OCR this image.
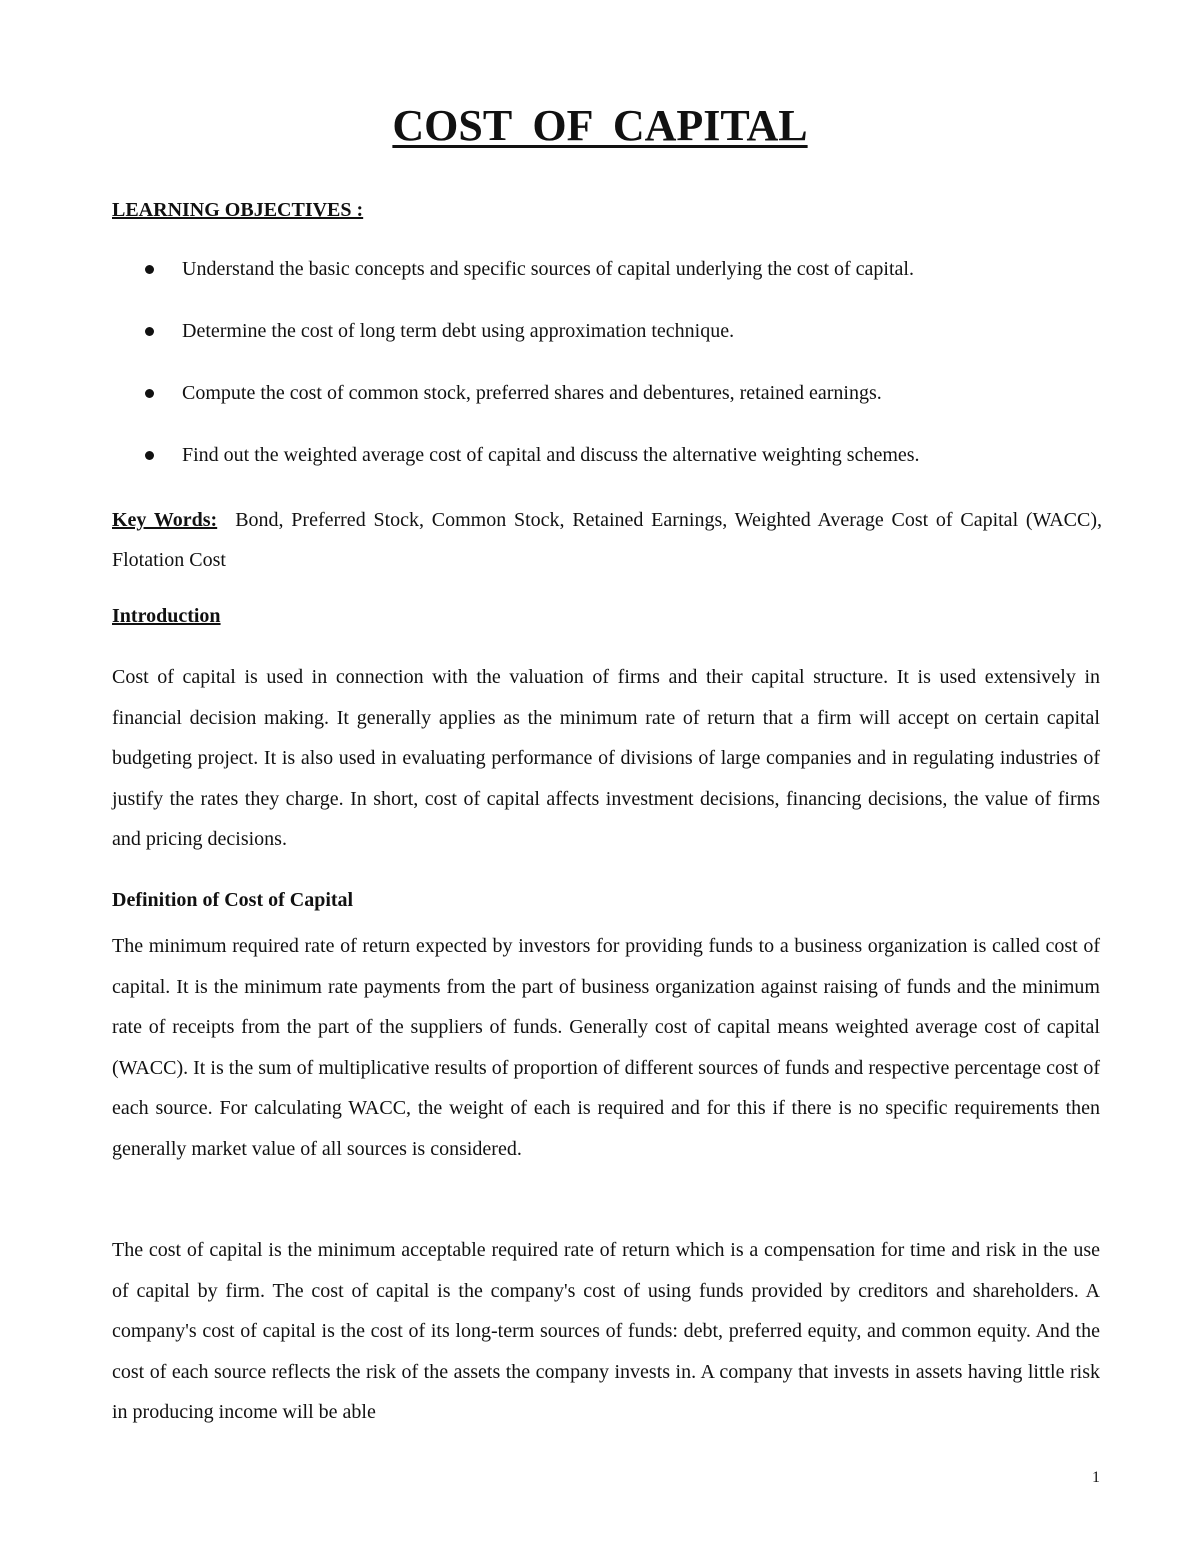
COST OF CAPITAL
LEARNING OBJECTIVES :
Understand the basic concepts and specific sources of capital underlying the cost of capital.
Determine the cost of long term debt using approximation technique.
Compute the cost of common stock, preferred shares and debentures, retained earnings.
Find out the weighted average cost of capital and discuss the alternative weighting schemes.
Key Words: Bond, Preferred Stock, Common Stock, Retained Earnings, Weighted Average Cost of Capital (WACC), Flotation Cost
Introduction

Cost of capital is used in connection with the valuation of firms and their capital structure. It is used extensively in financial decision making. It generally applies as the minimum rate of return that a firm will accept on certain capital budgeting project. It is also used in evaluating performance of divisions of large companies and in regulating industries of justify the rates they charge. In short, cost of capital affects investment decisions, financing decisions, the value of firms and pricing decisions.

Definition of Cost of Capital

The minimum required rate of return expected by investors for providing funds to a business organization is called cost of capital. It is the minimum rate payments from the part of business organization against raising of funds and the minimum rate of receipts from the part of the suppliers of funds. Generally cost of capital means weighted average cost of capital (WACC). It is the sum of multiplicative results of proportion of different sources of funds and respective percentage cost of each source. For calculating WACC, the weight of each is required and for this if there is no specific requirements then generally market value of all sources is considered.

The cost of capital is the minimum acceptable required rate of return which is a compensation for time and risk in the use of capital by firm. The cost of capital is the company's cost of using funds provided by creditors and shareholders. A company's cost of capital is the cost of its long-term sources of funds: debt, preferred equity, and common equity. And the cost of each source reflects the risk of the assets the company invests in. A company that invests in assets having little risk in producing income will be able

1
